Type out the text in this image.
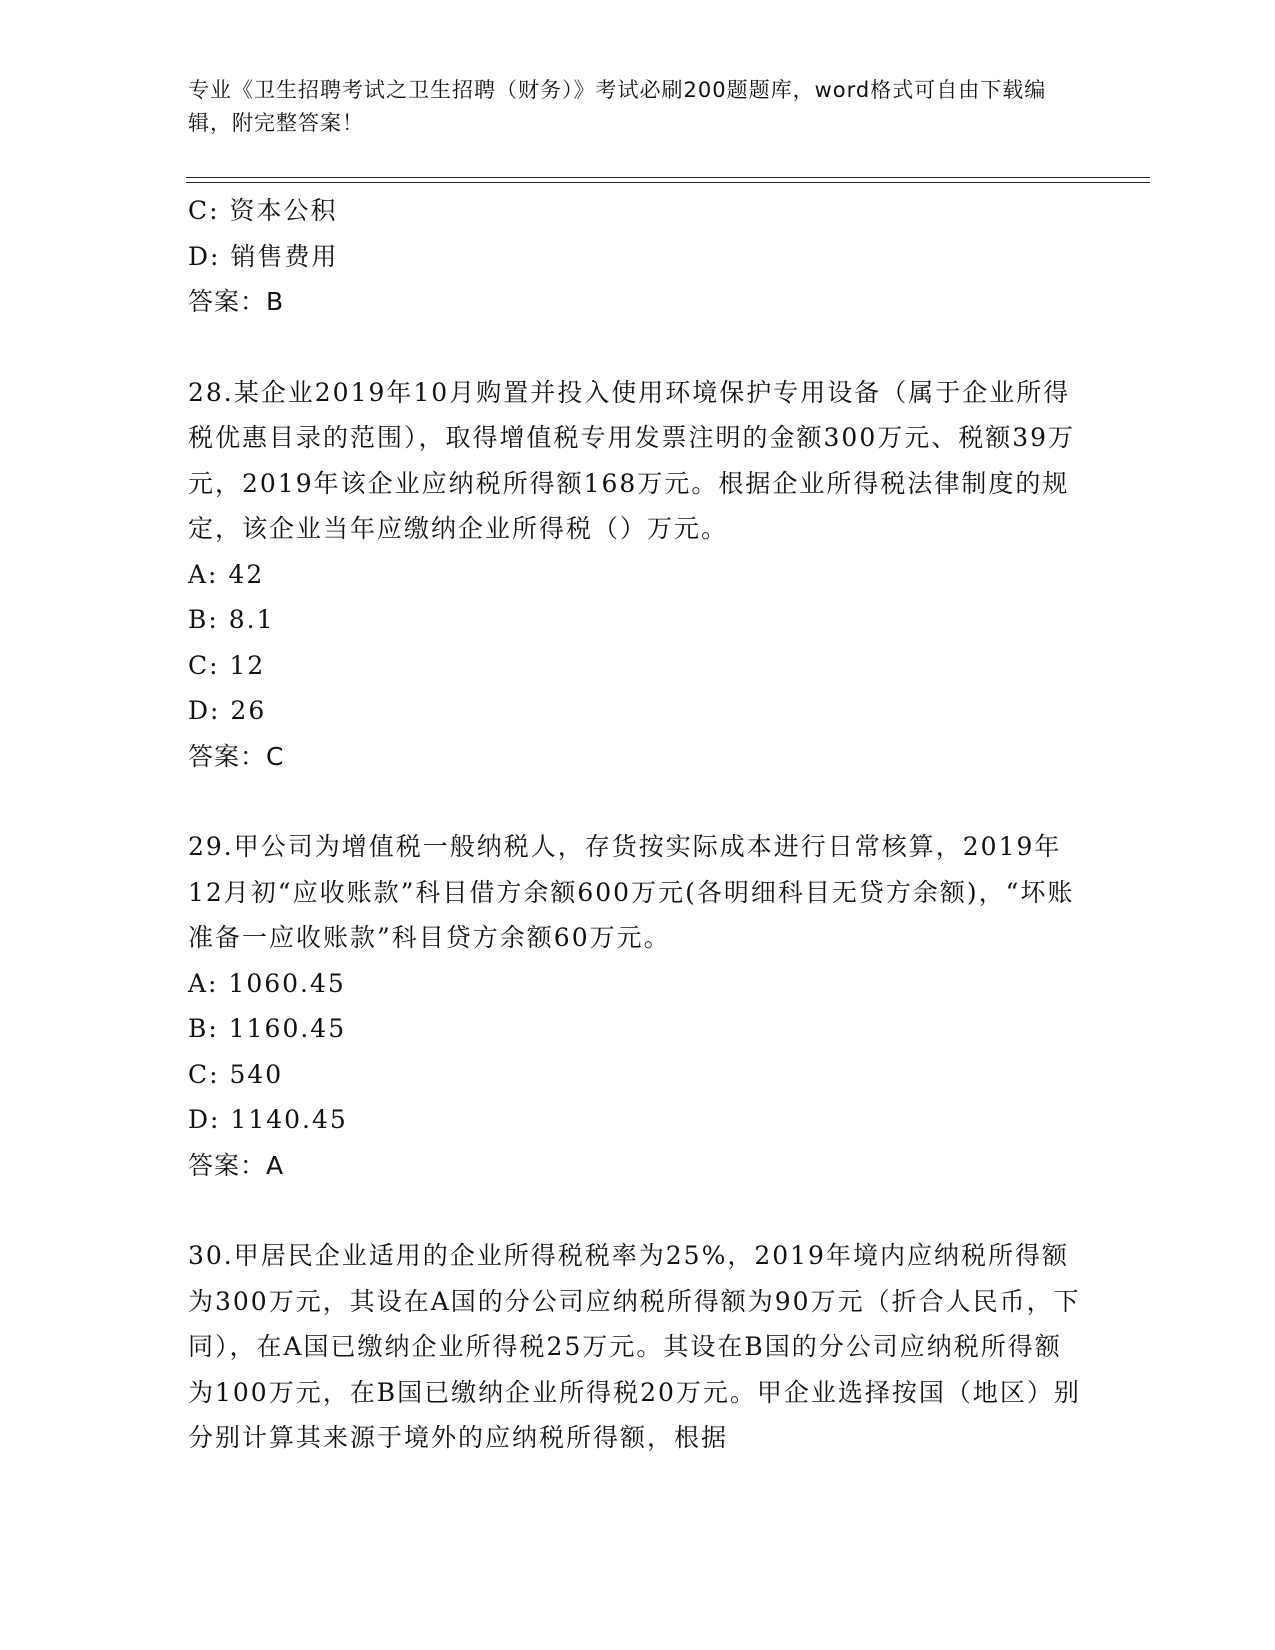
专业《卫生招聘考试之卫生招聘（财务）》考试必刷200题题库，word格式可自由下载编辑，附完整答案！
C: 资本公积
D: 销售费用
答案：B
28.某企业2019年10月购置并投入使用环境保护专用设备（属于企业所得税优惠目录的范围），取得增值税专用发票注明的金额300万元、税额39万元，2019年该企业应纳税所得额168万元。根据企业所得税法律制度的规定，该企业当年应缴纳企业所得税（）万元。
A: 42
B: 8.1
C: 12
D: 26
答案：C
29.甲公司为增值税一般纳税人，存货按实际成本进行日常核算，2019年12月初“应收账款”科目借方余额600万元(各明细科目无贷方余额)，“坏账准备一应收账款”科目贷方余额60万元。
A: 1060.45
B: 1160.45
C: 540
D: 1140.45
答案：A
30.甲居民企业适用的企业所得税税率为25%，2019年境内应纳税所得额为300万元，其设在A国的分公司应纳税所得额为90万元（折合人民币，下同），在A国已缴纳企业所得税25万元。其设在B国的分公司应纳税所得额为100万元，在B国已缴纳企业所得税20万元。甲企业选择按国（地区）别分别计算其来源于境外的应纳税所得额，根据
